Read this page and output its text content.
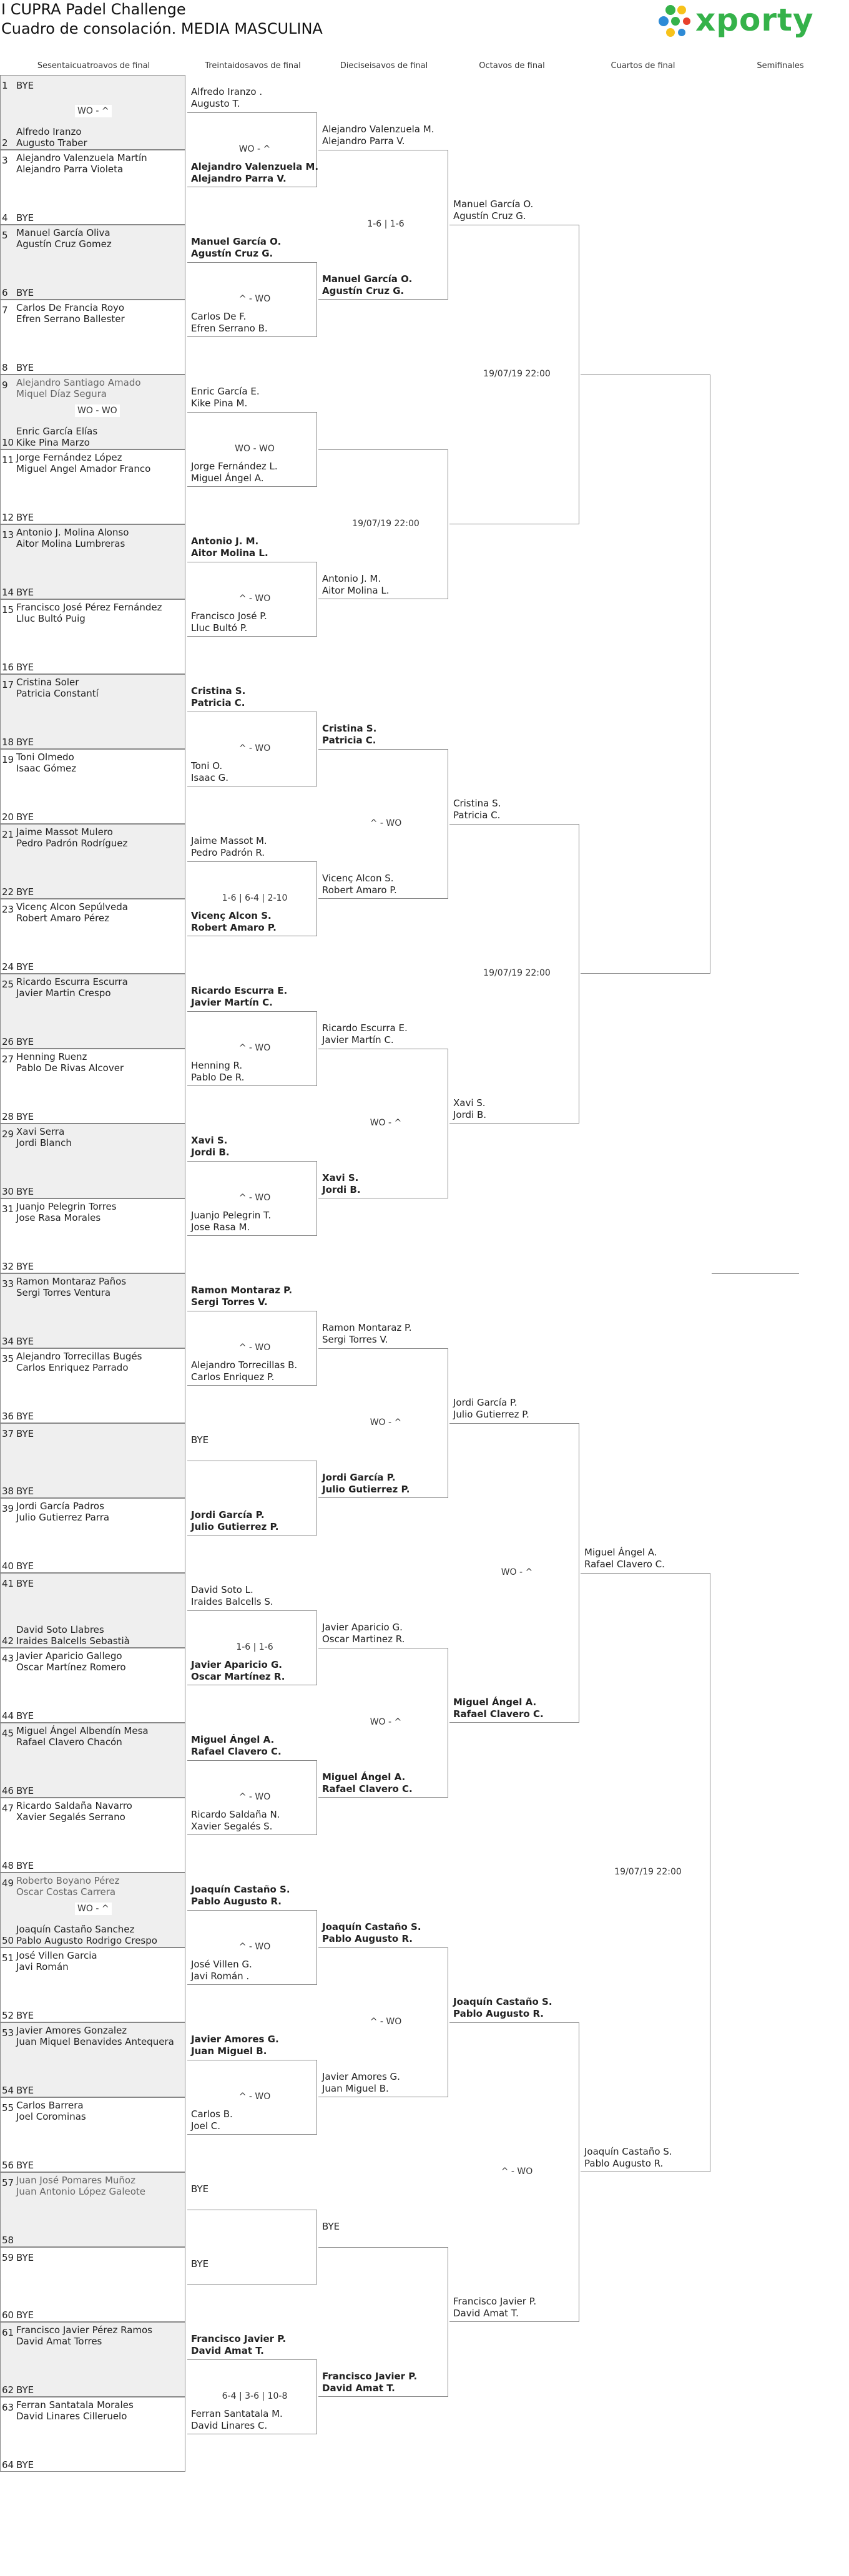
I CUPRA Padel Challenge
Cuadro de consolación. MEDIA MASCULINA	xporty
Sesentaicuatroavos de final	Treintaidosavos de final	Dieciseisavos de final	Octavos de final	Cuartos de final	Semifinales
1 BYE
2
Alfredo Iranzo
Augusto Traber
3 Alejandro Valenzuela Martín
Alejandro Parra Violeta
4 BYE
5 Manuel García Oliva
Agustín Cruz Gomez
6 BYE
7 Carlos De Francia Royo
Efren Serrano Ballester
8 BYE
9 Alejandro Santiago Amado
Miquel Díaz Segura
10
Enric García Elías
Kike Pina Marzo
11 Jorge Fernández López
Miguel Angel Amador Franco
12 BYE
13 Antonio J. Molina Alonso
Aitor Molina Lumbreras
14 BYE
15 Francisco José Pérez Fernández
Lluc Bultó Puig
16 BYE
17 Cristina Soler
Patricia Constantí
18 BYE
19 Toni Olmedo
Isaac Gómez
20 BYE
21 Jaime Massot Mulero
Pedro Padrón Rodríguez
22 BYE
23 Vicenç Alcon Sepúlveda
Robert Amaro Pérez
24 BYE
25 Ricardo Escurra Escurra
Javier Martin Crespo
26 BYE
27 Henning Ruenz
Pablo De Rivas Alcover
28 BYE
29 Xavi Serra
Jordi Blanch
30 BYE
31 Juanjo Pelegrin Torres
Jose Rasa Morales
32 BYE
33 Ramon Montaraz Paños
Sergi Torres Ventura
34 BYE
35 Alejandro Torrecillas Bugés
Carlos Enriquez Parrado
36 BYE
37 BYE
38 BYE
39 Jordi García Padros
Julio Gutierrez Parra
40 BYE
41 BYE
42
David Soto Llabres
Iraides Balcells Sebastià
43 Javier Aparicio Gallego
Oscar Martínez Romero
44 BYE
45 Miguel Ángel Albendín Mesa
Rafael Clavero Chacón
46 BYE
47 Ricardo Saldaña Navarro
Xavier Segalés Serrano
48 BYE
49 Roberto Boyano Pérez
Oscar Costas Carrera
50
Joaquín Castaño Sanchez
Pablo Augusto Rodrigo Crespo
51 José Villen Garcia
Javi Román
52 BYE
53 Javier Amores Gonzalez
Juan Miquel Benavides Antequera
54 BYE
55 Carlos Barrera
Joel Corominas
56 BYE
57 Juan José Pomares Muñoz
Juan Antonio López Galeote
58
59 BYE
60 BYE
61 Francisco Javier Pérez Ramos
David Amat Torres
62 BYE
63 Ferran Santatala Morales
David Linares Cilleruelo
64 BYE
WO - ^
WO - WO
WO - ^
Alfredo Iranzo .
Augusto T.
Alejandro Valenzuela M.
Alejandro Parra V.
WO - ^
Manuel García O.
Agustín Cruz G.
Carlos De F.
Efren Serrano B.
^ - WO
Enric García E.
Kike Pina M.
Jorge Fernández L.
Miguel Ángel A.
WO - WO
Antonio J. M.
Aitor Molina L.
Francisco José P.
Lluc Bultó P.
^ - WO
Cristina S.
Patricia C.
Toni O.
Isaac G.
^ - WO
Jaime Massot M.
Pedro Padrón R.
Vicenç Alcon S.
Robert Amaro P.
1-6 | 6-4 | 2-10
Ricardo Escurra E.
Javier Martín C.
Henning R.
Pablo De R.
^ - WO
Xavi S.
Jordi B.
Juanjo Pelegrin T.
Jose Rasa M.
^ - WO
Ramon Montaraz P.
Sergi Torres V.
Alejandro Torrecillas B.
Carlos Enriquez P.
^ - WO
BYE
Jordi García P.
Julio Gutierrez P.
David Soto L.
Iraides Balcells S.
Javier Aparicio G.
Oscar Martínez R.
1-6 | 1-6
Miguel Ángel A.
Rafael Clavero C.
Ricardo Saldaña N.
Xavier Segalés S.
^ - WO
Joaquín Castaño S.
Pablo Augusto R.
José Villen G.
Javi Román .
^ - WO
Javier Amores G.
Juan Miguel B.
Carlos B.
Joel C.
^ - WO
BYE
BYE
Francisco Javier P.
David Amat T.
Ferran Santatala M.
David Linares C.
6-4 | 3-6 | 10-8
Alejandro Valenzuela M.
Alejandro Parra V.
Manuel García O.
Agustín Cruz G.
1-6 | 1-6
Antonio J. M.
Aitor Molina L.
19/07/19 22:00
Cristina S.
Patricia C.
Vicenç Alcon S.
Robert Amaro P.
^ - WO
Ricardo Escurra E.
Javier Martín C.
Xavi S.
Jordi B.
WO - ^
Ramon Montaraz P.
Sergi Torres V.
Jordi García P.
Julio Gutierrez P.
WO - ^
Javier Aparicio G.
Oscar Martinez R.
Miguel Ángel A.
Rafael Clavero C.
WO - ^
Joaquín Castaño S.
Pablo Augusto R.
Javier Amores G.
Juan Miguel B.
^ - WO
BYE
Francisco Javier P.
David Amat T.
Manuel García O.
Agustín Cruz G.
19/07/19 22:00
Cristina S.
Patricia C.
Xavi S.
Jordi B.
19/07/19 22:00
Jordi García P.
Julio Gutierrez P.
Miguel Ángel A.
Rafael Clavero C.
WO - ^
Joaquín Castaño S.
Pablo Augusto R.
Francisco Javier P.
David Amat T.
^ - WO
Miguel Ángel A.
Rafael Clavero C.
Joaquín Castaño S.
Pablo Augusto R.
19/07/19 22:00
